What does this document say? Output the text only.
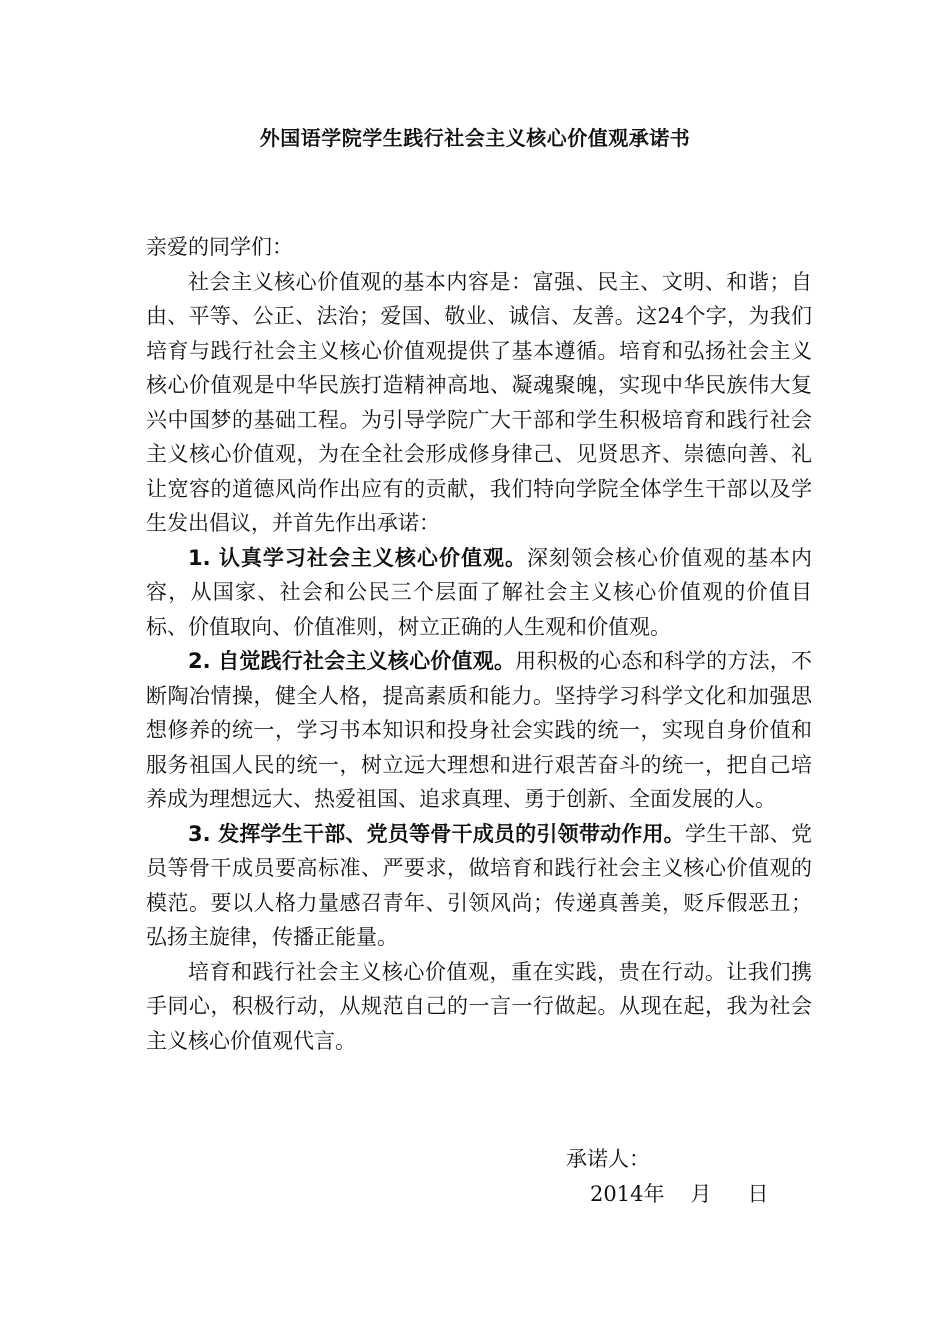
外国语学院学生践行社会主义核心价值观承诺书

亲爱的同学们：

社会主义核心价值观的基本内容是：富强、民主、文明、和谐；自由、平等、公正、法治；爱国、敬业、诚信、友善。这24个字，为我们培育与践行社会主义核心价值观提供了基本遵循。培育和弘扬社会主义核心价值观是中华民族打造精神高地、凝魂聚魄，实现中华民族伟大复兴中国梦的基础工程。为引导学院广大干部和学生积极培育和践行社会主义核心价值观，为在全社会形成修身律己、见贤思齐、崇德向善、礼让宽容的道德风尚作出应有的贡献，我们特向学院全体学生干部以及学生发出倡议，并首先作出承诺：

1. 认真学习社会主义核心价值观。深刻领会核心价值观的基本内容，从国家、社会和公民三个层面了解社会主义核心价值观的价值目标、价值取向、价值准则，树立正确的人生观和价值观。

2. 自觉践行社会主义核心价值观。用积极的心态和科学的方法，不断陶冶情操，健全人格，提高素质和能力。坚持学习科学文化和加强思想修养的统一，学习书本知识和投身社会实践的统一，实现自身价值和服务祖国人民的统一，树立远大理想和进行艰苦奋斗的统一，把自己培养成为理想远大、热爱祖国、追求真理、勇于创新、全面发展的人。

3. 发挥学生干部、党员等骨干成员的引领带动作用。学生干部、党员等骨干成员要高标准、严要求，做培育和践行社会主义核心价值观的模范。要以人格力量感召青年、引领风尚；传递真善美，贬斥假恶丑；弘扬主旋律，传播正能量。

培育和践行社会主义核心价值观，重在实践，贵在行动。让我们携手同心，积极行动，从规范自己的一言一行做起。从现在起，我为社会主义核心价值观代言。

承诺人：
2014年 月 日
